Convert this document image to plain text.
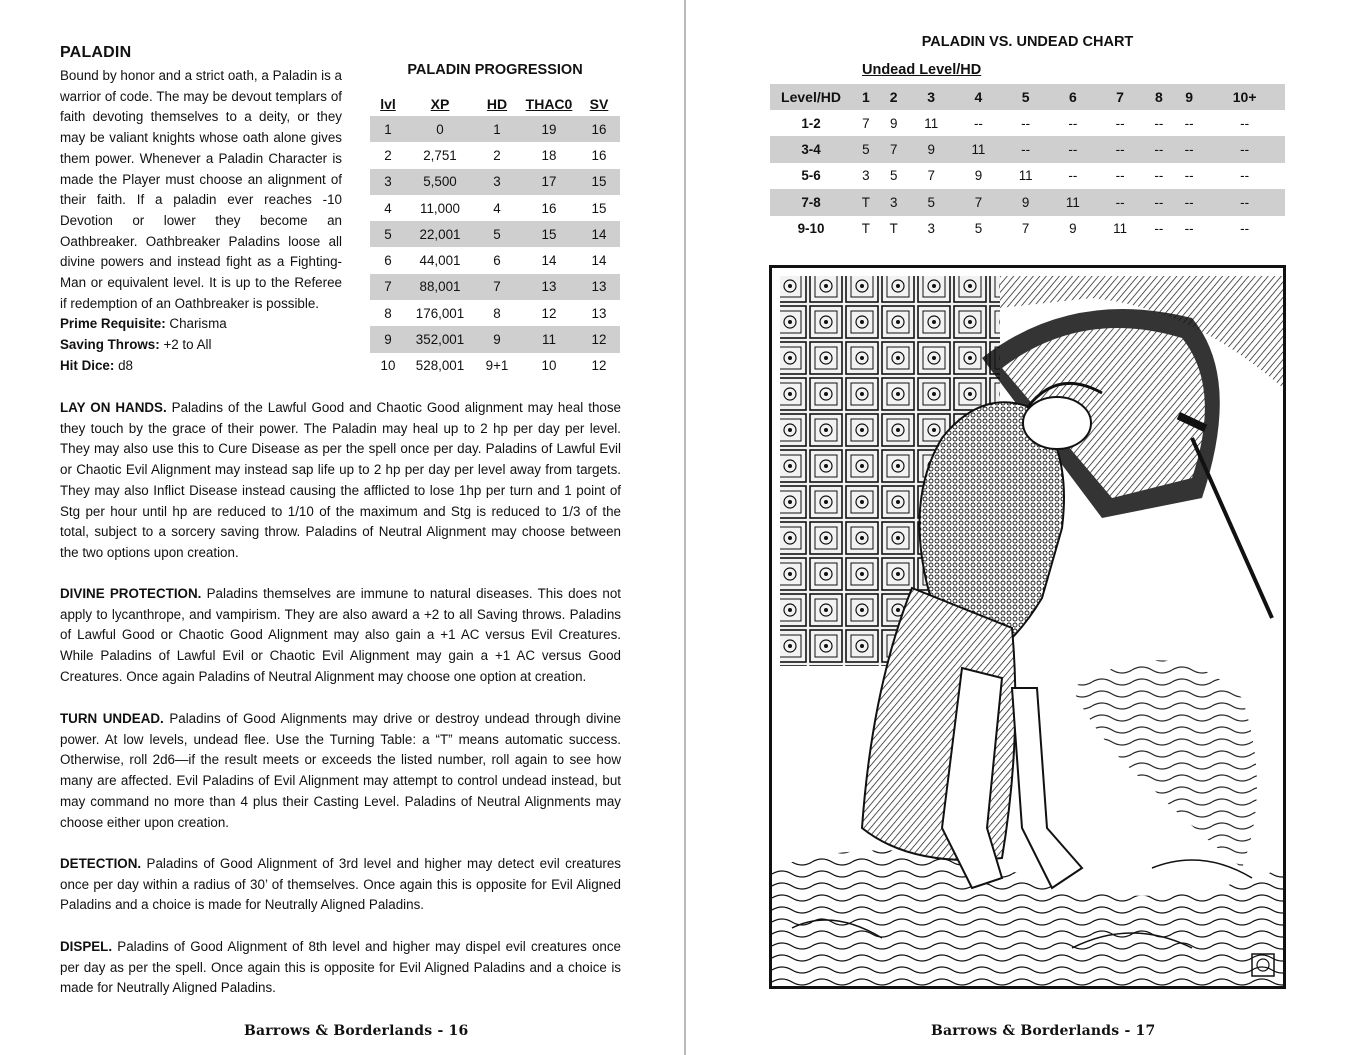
PALADIN

Bound by honor and a strict oath, a Paladin is a warrior of code. The may be devout templars of faith devoting themselves to a deity, or they may be valiant knights whose oath alone gives them power. Whenever a Paladin Character is made the Player must choose an alignment of their faith. If a paladin ever reaches -10 Devotion or lower they become an Oathbreaker. Oathbreaker Paladins loose all divine powers and instead fight as a Fighting-Man or equivalent level. It is up to the Referee if redemption of an Oathbreaker is possible.

Prime Requisite: Charisma
Saving Throws: +2 to All
Hit Dice: d8
PALADIN PROGRESSION
lvl	XP	HD	THAC0	SV
1	0	1	19	16
2	2,751	2	18	16
3	5,500	3	17	15
4	11,000	4	16	15
5	22,001	5	15	14
6	44,001	6	14	14
7	88,001	7	13	13
8	176,001	8	12	13
9	352,001	9	11	12
10	528,001	9+1	10	12

LAY ON HANDS. Paladins of the Lawful Good and Chaotic Good alignment may heal those they touch by the grace of their power. The Paladin may heal up to 2 hp per day per level. They may also use this to Cure Disease as per the spell once per day. Paladins of Lawful Evil or Chaotic Evil Alignment may instead sap life up to 2 hp per day per level away from targets. They may also Inflict Disease instead causing the afflicted to lose 1hp per turn and 1 point of Stg per hour until hp are reduced to 1/10 of the maximum and Stg is reduced to 1/3 of the total, subject to a sorcery saving throw. Paladins of Neutral Alignment may choose between the two options upon creation.

DIVINE PROTECTION. Paladins themselves are immune to natural diseases. This does not apply to lycanthrope, and vampirism. They are also award a +2 to all Saving throws. Paladins of Lawful Good or Chaotic Good Alignment may also gain a +1 AC versus Evil Creatures. While Paladins of Lawful Evil or Chaotic Evil Alignment may gain a +1 AC versus Good Creatures. Once again Paladins of Neutral Alignment may choose one option at creation.

TURN UNDEAD. Paladins of Good Alignments may drive or destroy undead through divine power. At low levels, undead flee. Use the Turning Table: a “T” means automatic success. Otherwise, roll 2d6—if the result meets or exceeds the listed number, roll again to see how many are affected. Evil Paladins of Evil Alignment may attempt to control undead instead, but may command no more than 4 plus their Casting Level. Paladins of Neutral Alignments may choose either upon creation.

DETECTION. Paladins of Good Alignment of 3rd level and higher may detect evil creatures once per day within a radius of 30’ of themselves. Once again this is opposite for Evil Aligned Paladins and a choice is made for Neutrally Aligned Paladins.

DISPEL. Paladins of Good Alignment of 8th level and higher may dispel evil creatures once per day as per the spell. Once again this is opposite for Evil Aligned Paladins and a choice is made for Neutrally Aligned Paladins.

Barrows & Borderlands - 16
PALADIN VS. UNDEAD CHART
Undead Level/HD
Level/HD	1	2	3	4	5	6	7	8	9	10+
1-2	7	9	11	--	--	--	--	--	--	--
3-4	5	7	9	11	--	--	--	--	--	--
5-6	3	5	7	9	11	--	--	--	--	--
7-8	T	3	5	7	9	11	--	--	--	--
9-10	T	T	3	5	7	9	11	--	--	--
Barrows & Borderlands - 17
